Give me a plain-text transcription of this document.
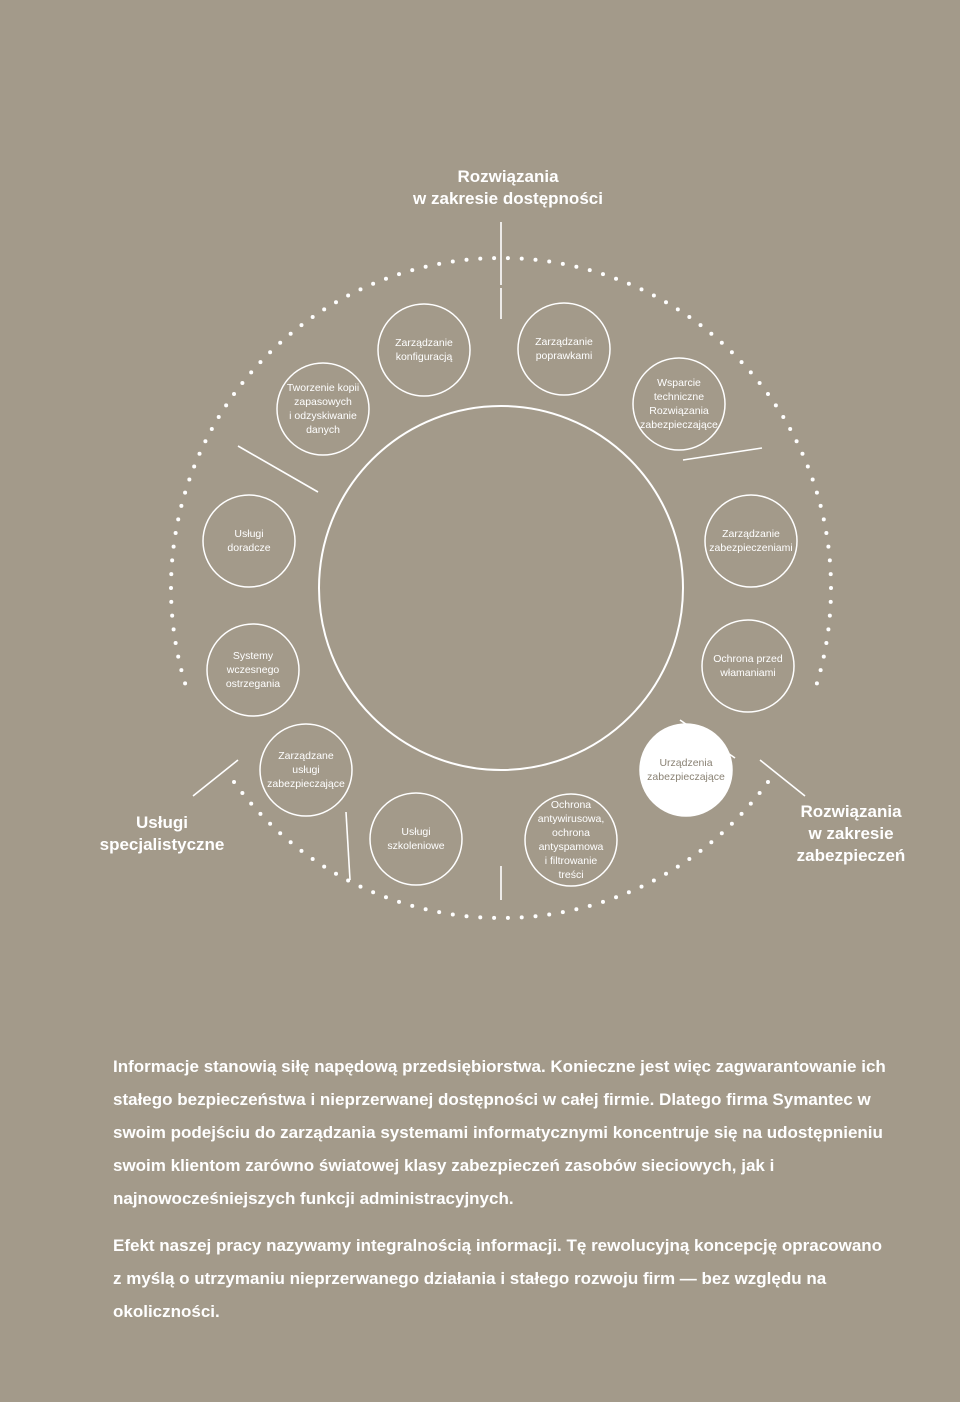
Rozwiązania
w zakresie dostępności
Usługi
specjalistyczne
Rozwiązania
w zakresie zabezpieczeń
Zarządzanie
konfiguracją
Zarządzanie
poprawkami
Wsparcie
techniczne
Rozwiązania
zabezpieczające
Zarządzanie
zabezpieczeniami
Ochrona przed
włamaniami
Urządzenia
zabezpieczające
Ochrona
antywirusowa,
ochrona
antyspamowa
i filtrowanie
treści
Usługi
szkoleniowe
Zarządzane
usługi
zabezpieczające
Systemy
wczesnego
ostrzegania
Usługi
doradcze
Tworzenie kopii
zapasowych
i odzyskiwanie
danych

Informacje stanowią siłę napędową przedsiębiorstwa. Konieczne jest więc zagwarantowanie ich stałego bezpieczeństwa i nieprzerwanej dostępności w całej firmie. Dlatego firma Symantec w swoim podejściu do zarządzania systemami informatycznymi koncentruje się na udostępnieniu swoim klientom zarówno światowej klasy zabezpieczeń zasobów sieciowych, jak i najnowocześniejszych funkcji administracyjnych.

Efekt naszej pracy nazywamy integralnością informacji. Tę rewolucyjną koncepcję opracowano z myślą o utrzymaniu nieprzerwanego działania i stałego rozwoju firm — bez względu na okoliczności.
